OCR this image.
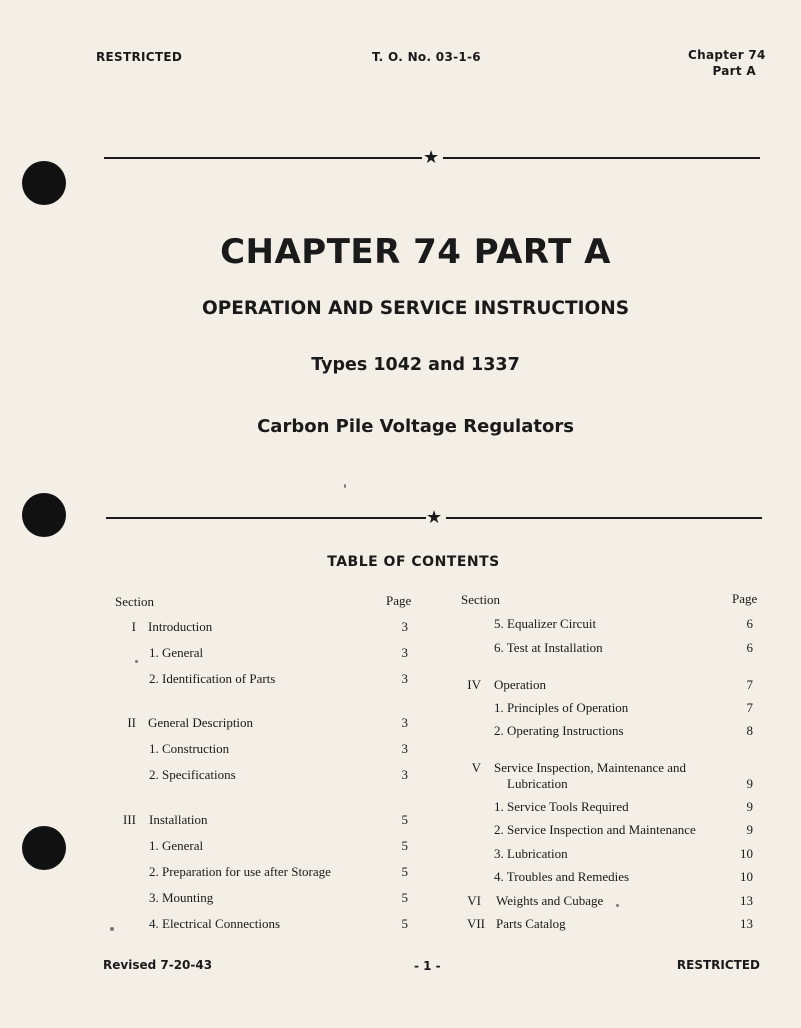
RESTRICTED	T. O. No. 03-1-6	Chapter 74
Part A
★
CHAPTER 74 PART A
OPERATION AND SERVICE INSTRUCTIONS
Types 1042 and 1337
Carbon Pile Voltage Regulators
★
TABLE OF CONTENTS
Section	Page	Section	Page
I Introduction	3
1. General	3
2. Identification of Parts	3
II General Description	3
1. Construction	3
2. Specifications	3
III Installation	5
1. General	5
2. Preparation for use after Storage	5
3. Mounting	5
4. Electrical Connections	5
5. Equalizer Circuit	6
6. Test at Installation	6
IV Operation	7
1. Principles of Operation	7
2. Operating Instructions	8
V Service Inspection, Maintenance and
Lubrication	9
1. Service Tools Required	9
2. Service Inspection and Maintenance	9
3. Lubrication	10
4. Troubles and Remedies	10
VI Weights and Cubage	13
VII Parts Catalog	13
Revised 7-20-43	- 1 -	RESTRICTED
